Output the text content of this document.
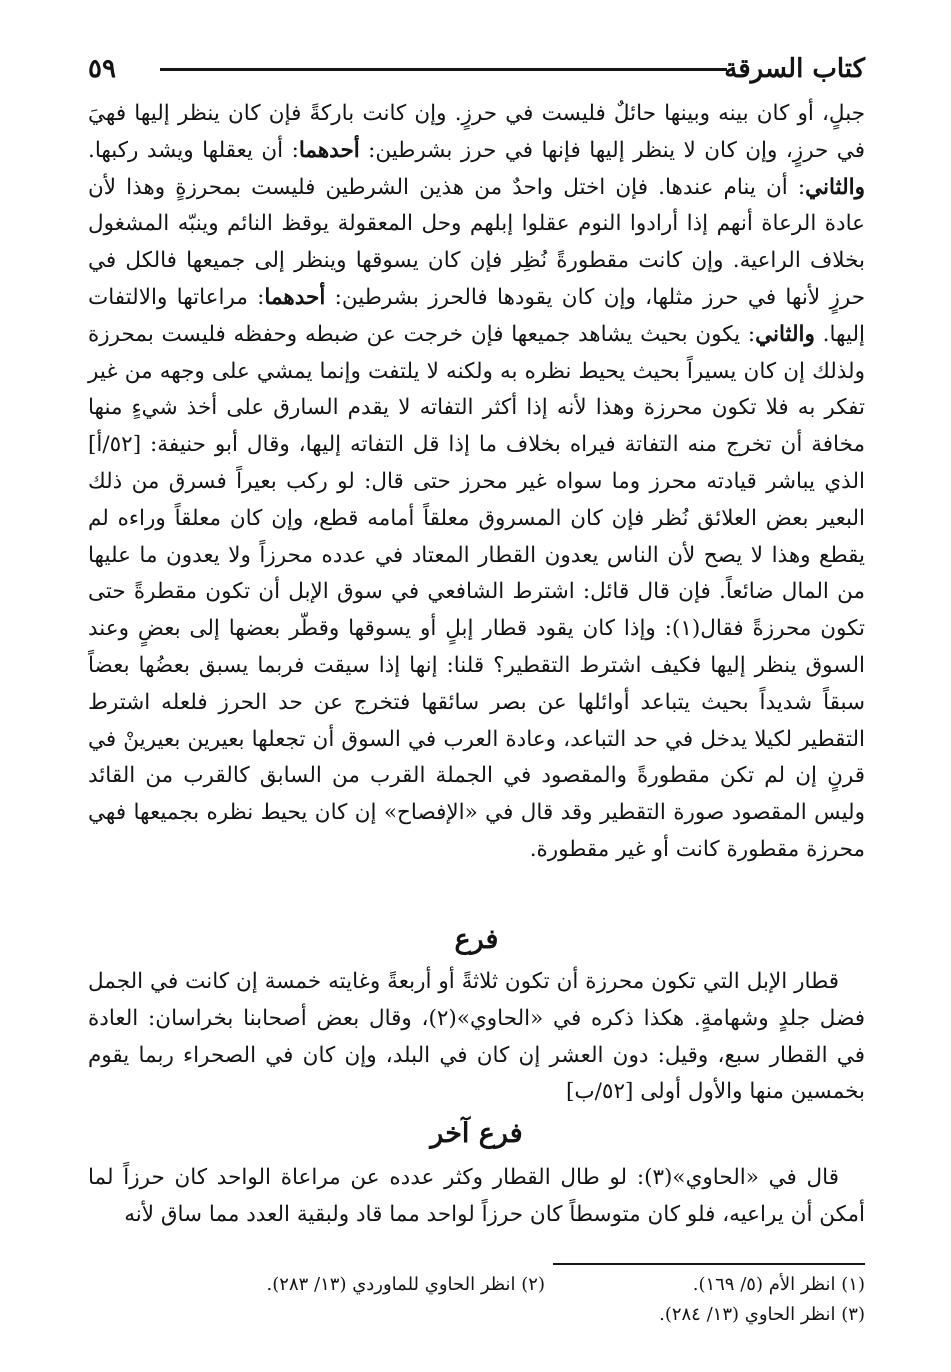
كتاب السرقة
٥٩

جبلٍ، أو كان بينه وبينها حائلٌ فليست في حرزٍ. وإن كانت باركةً فإن كان ينظر إليها فهيَ في حرزٍ، وإن كان لا ينظر إليها فإنها في حرز بشرطين: أحدهما: أن يعقلها ويشد ركبها. والثاني: أن ينام عندها. فإن اختل واحدٌ من هذين الشرطين فليست بمحرزةٍ وهذا لأن عادة الرعاة أنهم إذا أرادوا النوم عقلوا إبلهم وحل المعقولة يوقظ النائم وينبّه المشغول بخلاف الراعية. وإن كانت مقطورةً نُظِر فإن كان يسوقها وينظر إلى جميعها فالكل في حرزٍ لأنها في حرز مثلها، وإن كان يقودها فالحرز بشرطين: أحدهما: مراعاتها والالتفات إليها. والثاني: يكون بحيث يشاهد جميعها فإن خرجت عن ضبطه وحفظه فليست بمحرزة ولذلك إن كان يسيراً بحيث يحيط نظره به ولكنه لا يلتفت وإنما يمشي على وجهه من غير تفكر به فلا تكون محرزة وهذا لأنه إذا أكثر التفاته لا يقدم السارق على أخذ شيءٍ منها مخافة أن تخرج منه التفاتة فيراه بخلاف ما إذا قل التفاته إليها، وقال أبو حنيفة: [٥٢/أ] الذي يباشر قيادته محرز وما سواه غير محرز حتى قال: لو ركب بعيراً فسرق من ذلك البعير بعض العلائق نُظر فإن كان المسروق معلقاً أمامه قطع، وإن كان معلقاً وراءه لم يقطع وهذا لا يصح لأن الناس يعدون القطار المعتاد في عدده محرزاً ولا يعدون ما عليها من المال ضائعاً. فإن قال قائل: اشترط الشافعي في سوق الإبل أن تكون مقطرةً حتى تكون محرزةً فقال(١): وإذا كان يقود قطار إبلٍ أو يسوقها وقطّر بعضها إلى بعضٍ وعند السوق ينظر إليها فكيف اشترط التقطير؟ قلنا: إنها إذا سيقت فربما يسبق بعضُها بعضاً سبقاً شديداً بحيث يتباعد أوائلها عن بصر سائقها فتخرج عن حد الحرز فلعله اشترط التقطير لكيلا يدخل في حد التباعد، وعادة العرب في السوق أن تجعلها بعيرين بعيرينْ في قرنٍ إن لم تكن مقطورةً والمقصود في الجملة القرب من السابق كالقرب من القائد وليس المقصود صورة التقطير وقد قال في «الإفصاح» إن كان يحيط نظره بجميعها فهي محرزة مقطورة كانت أو غير مقطورة.

فرع

قطار الإبل التي تكون محرزة أن تكون ثلاثةً أو أربعةً وغايته خمسة إن كانت في الجمل فضل جلدٍ وشهامةٍ. هكذا ذكره في «الحاوي»(٢)، وقال بعض أصحابنا بخراسان: العادة في القطار سبع، وقيل: دون العشر إن كان في البلد، وإن كان في الصحراء ربما يقوم بخمسين منها والأول أولى [٥٢/ب]

فرع آخر

قال في «الحاوي»(٣): لو طال القطار وكثر عدده عن مراعاة الواحد كان حرزاً لما أمكن أن يراعيه، فلو كان متوسطاً كان حرزاً لواحد مما قاد ولبقية العدد مما ساق لأنه

(١) انظر الأم (٥/ ١٦٩).
(٢) انظر الحاوي للماوردي (١٣/ ٢٨٣).
(٣) انظر الحاوي (١٣/ ٢٨٤).
